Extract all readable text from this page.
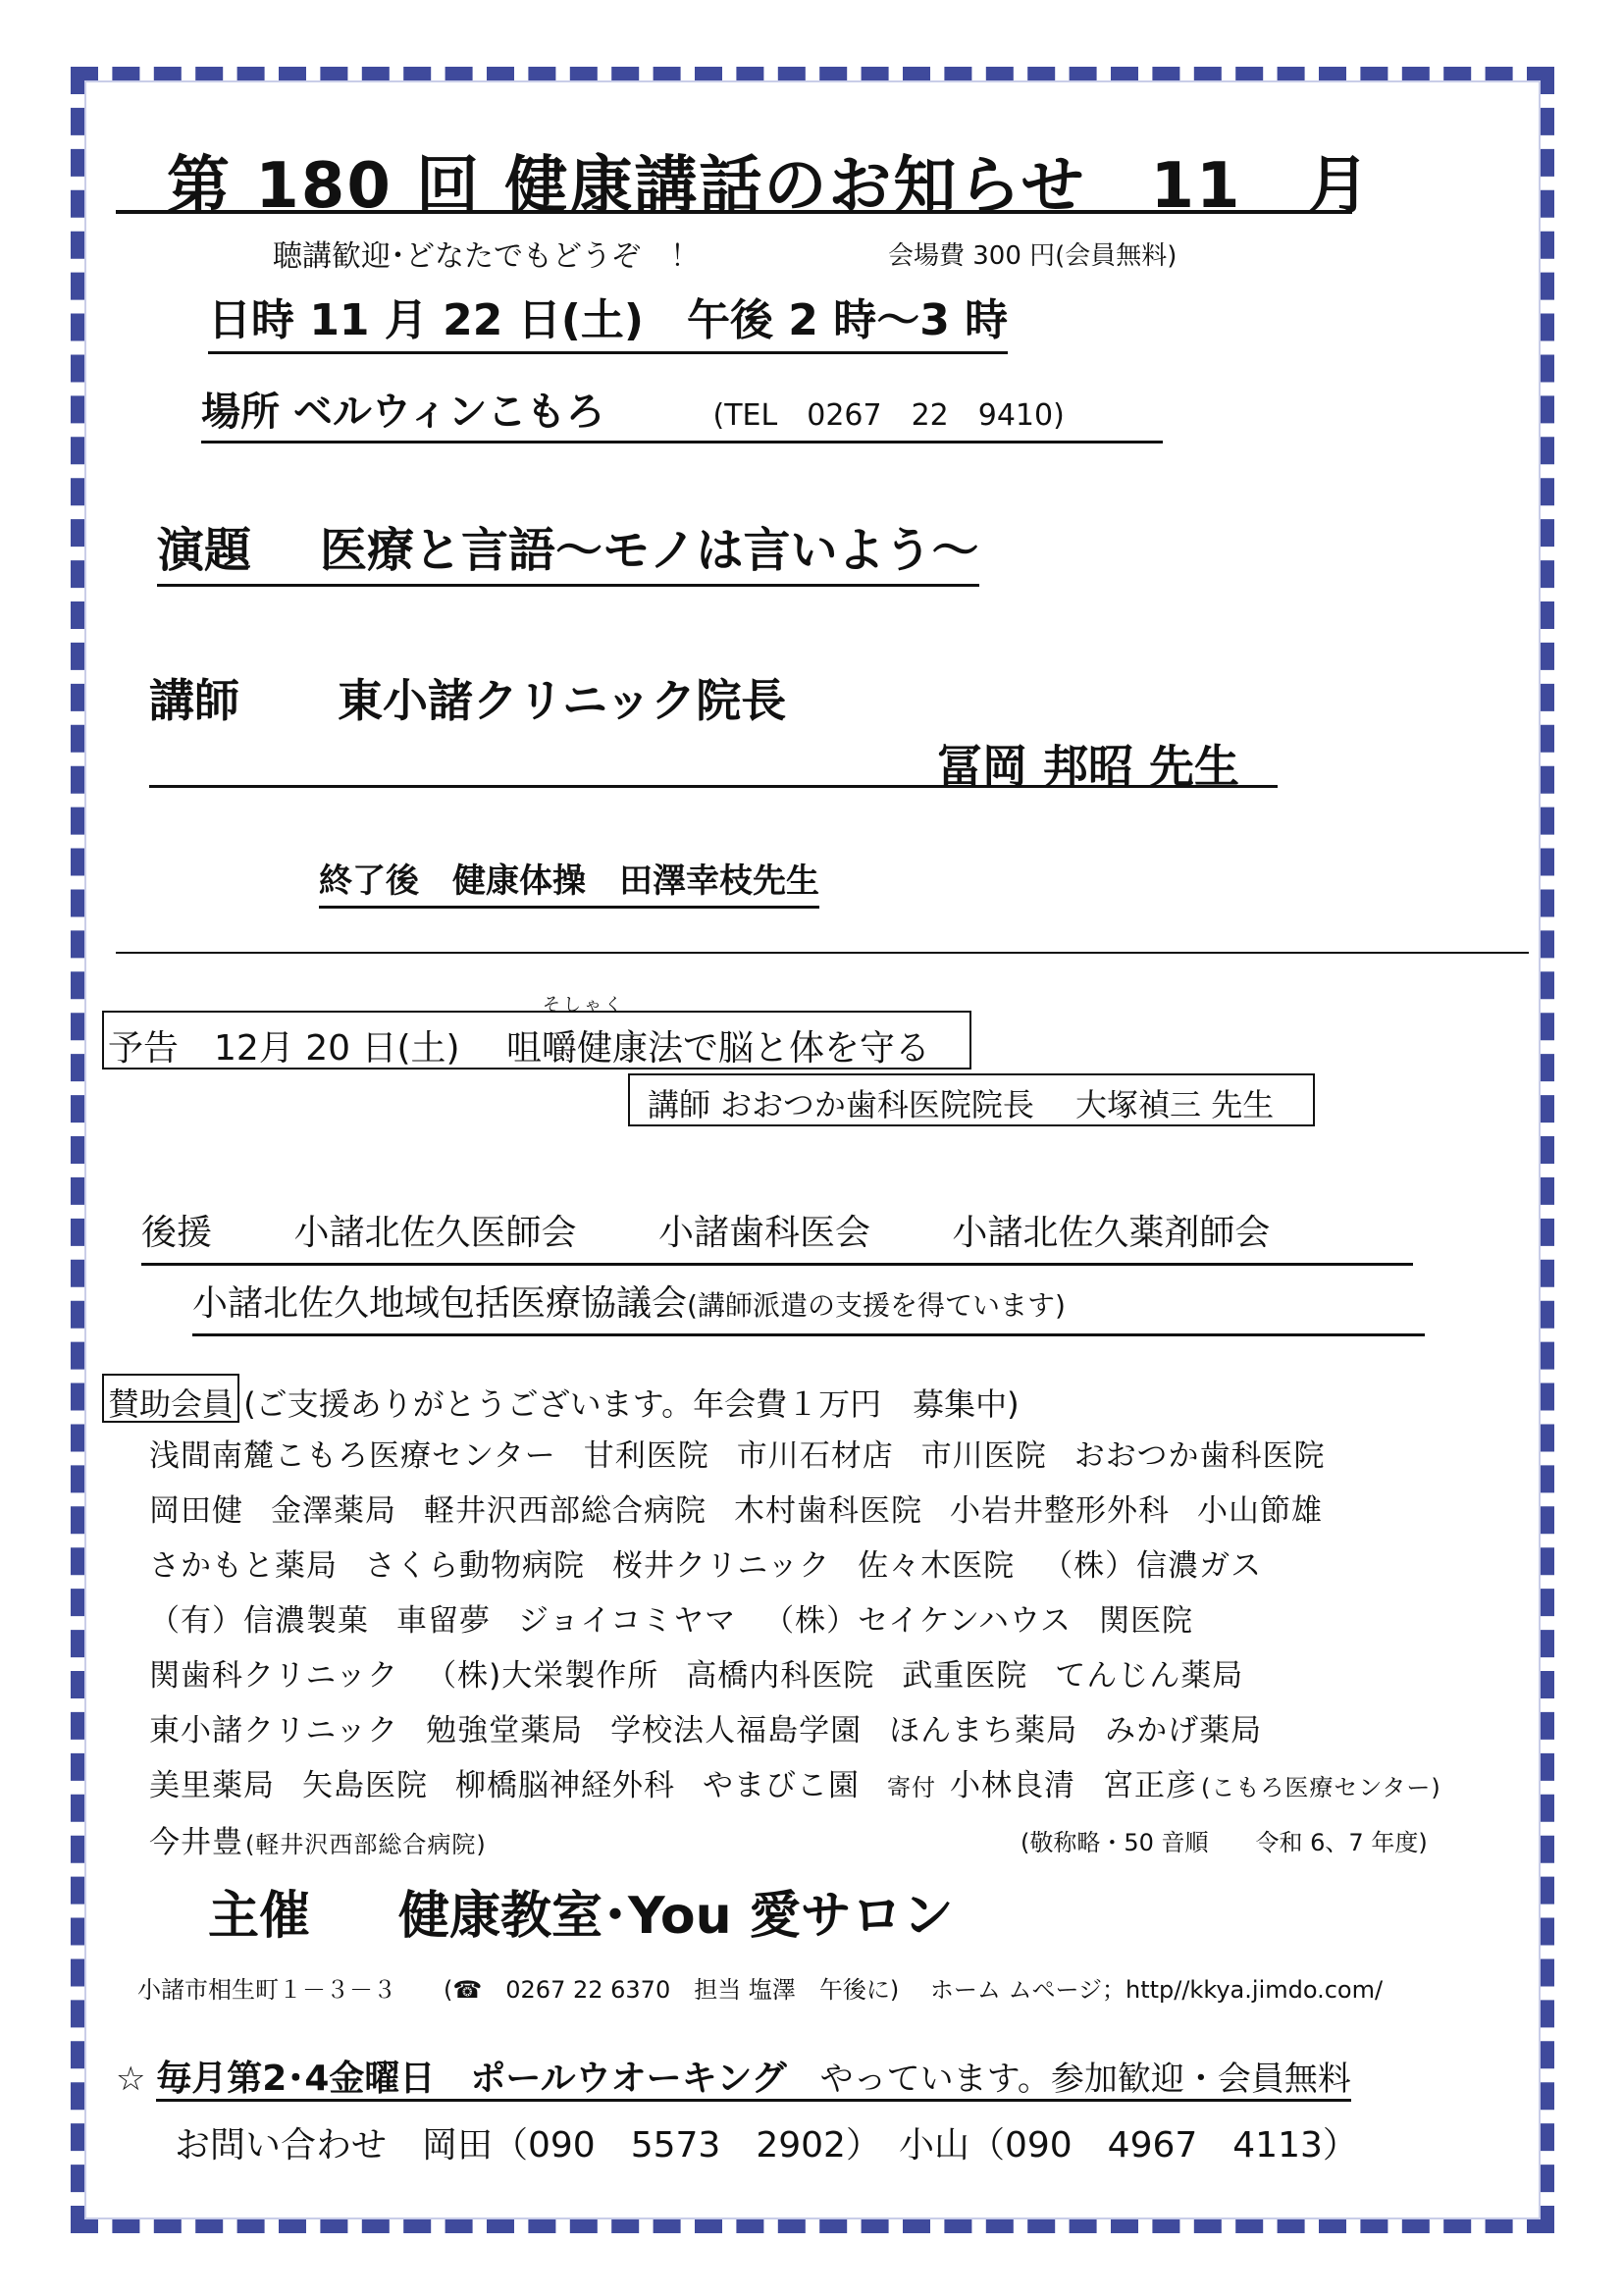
第 180 回 健康講話のお知らせ　11　月
聴講歓迎･どなたでもどうぞ　！	会場費 300 円(会員無料)
日時 11 月 22 日(土)　午後 2 時～3 時
場所 ベルウィンこもろ	(TEL　0267　22　9410)
演題 医療と言語～モノは言いよう～
講師 東小諸クリニック院長
冨岡 邦昭 先生
終了後　健康体操　田澤幸枝先生
そしゃく
予告　12月 20 日(土)　 咀嚼健康法で脳と体を守る
講師 おおつか歯科医院院長　 大塚禎三 先生
後援 小諸北佐久医師会 小諸歯科医会 小諸北佐久薬剤師会
小諸北佐久地域包括医療協議会(講師派遣の支援を得ています)
賛助会員 (ご支援ありがとうございます。年会費１万円　募集中)
浅間南麓こもろ医療センター 甘利医院 市川石材店 市川医院 おおつか歯科医院
岡田健 金澤薬局 軽井沢西部総合病院 木村歯科医院 小岩井整形外科 小山節雄
さかもと薬局 さくら動物病院 桜井クリニック 佐々木医院 （株）信濃ガス
（有）信濃製菓 車留夢 ジョイコミヤマ （株）セイケンハウス 関医院
関歯科クリニック （株)大栄製作所 高橋内科医院 武重医院 てんじん薬局
東小諸クリニック 勉強堂薬局 学校法人福島学園 ほんまち薬局 みかげ薬局
美里薬局 矢島医院 柳橋脳神経外科 やまびこ園 寄付 小林良清 宮正彦 (こもろ医療センター)
今井豊(軽井沢西部総合病院)	(敬称略・50 音順　　令和 6、7 年度)
主催 健康教室･You 愛サロン
小諸市相生町１－３－３　　(☎　0267 22 6370　担当 塩澤　午後に)　 ホーム ムページ；http//kkya.jimdo.com/
☆ 毎月第2･4金曜日　ポールウオーキング　 やっています。参加歓迎・会員無料
お問い合わせ　岡田（090　5573　2902）　小山（090　4967　4113）
